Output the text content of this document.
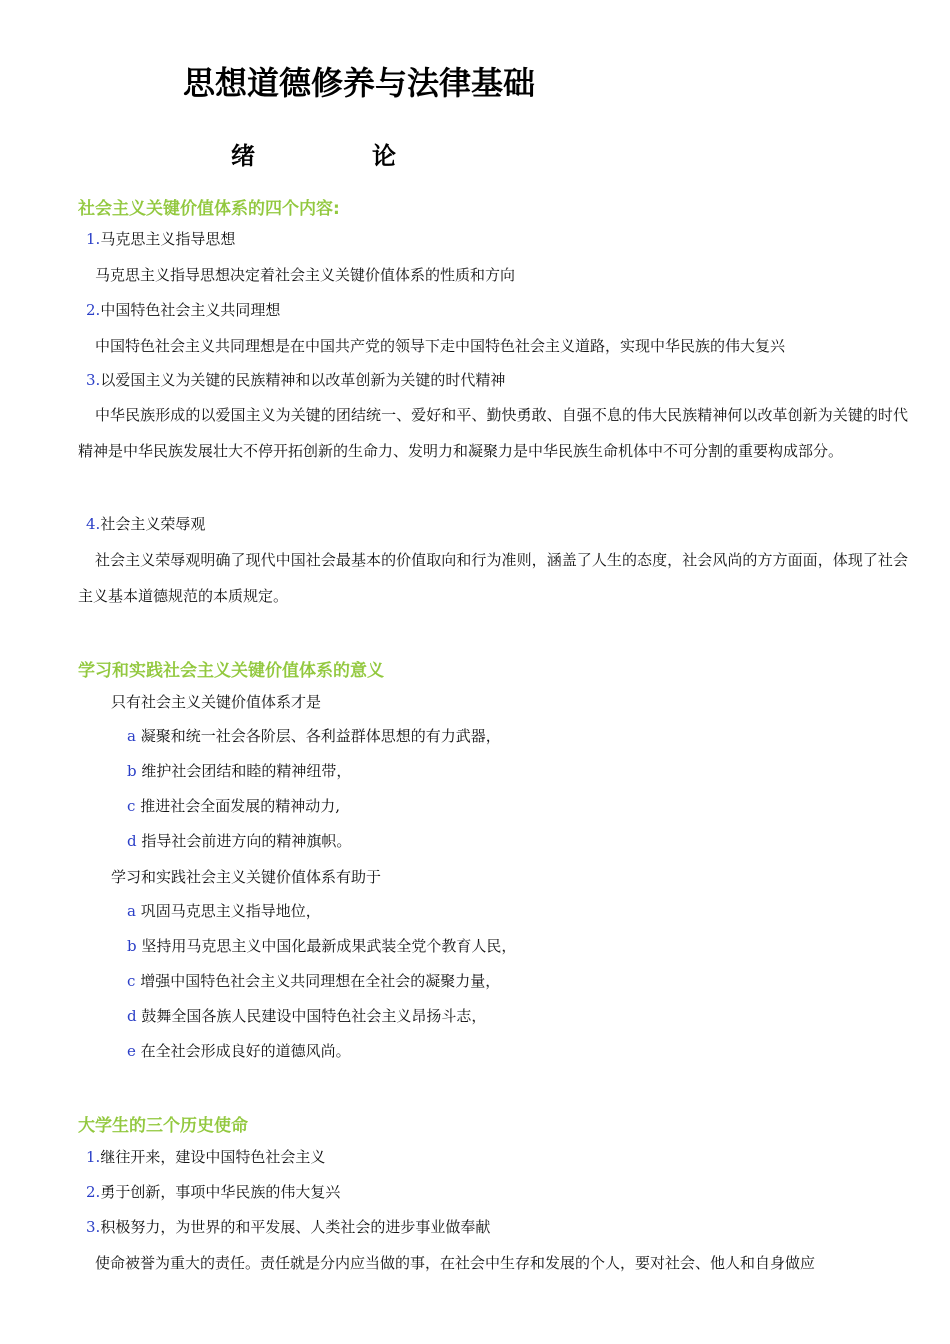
思想道德修养与法律基础
绪	论
社会主义关键价值体系的四个内容:
1.马克思主义指导思想
马克思主义指导思想决定着社会主义关键价值体系的性质和方向
2.中国特色社会主义共同理想
中国特色社会主义共同理想是在中国共产党的领导下走中国特色社会主义道路，实现中华民族的伟大复兴
3.以爱国主义为关键的民族精神和以改革创新为关键的时代精神
中华民族形成的以爱国主义为关键的团结统一、爱好和平、勤快勇敢、自强不息的伟大民族精神何以改革创新为关键的时代精神是中华民族发展壮大不停开拓创新的生命力、发明力和凝聚力是中华民族生命机体中不可分割的重要构成部分。
4.社会主义荣辱观
社会主义荣辱观明确了现代中国社会最基本的价值取向和行为准则，涵盖了人生的态度，社会风尚的方方面面，体现了社会主义基本道德规范的本质规定。
学习和实践社会主义关键价值体系的意义
只有社会主义关键价值体系才是
a 凝聚和统一社会各阶层、各利益群体思想的有力武器，
b 维护社会团结和睦的精神纽带，
c 推进社会全面发展的精神动力,
d 指导社会前进方向的精神旗帜。
学习和实践社会主义关键价值体系有助于
a 巩固马克思主义指导地位，
b 坚持用马克思主义中国化最新成果武装全党个教育人民，
c 增强中国特色社会主义共同理想在全社会的凝聚力量，
d 鼓舞全国各族人民建设中国特色社会主义昂扬斗志，
e 在全社会形成良好的道德风尚。
大学生的三个历史使命
1.继往开来，建设中国特色社会主义
2.勇于创新，事项中华民族的伟大复兴
3.积极努力，为世界的和平发展、人类社会的进步事业做奉献
使命被誉为重大的责任。责任就是分内应当做的事，在社会中生存和发展的个人，要对社会、他人和自身做应
